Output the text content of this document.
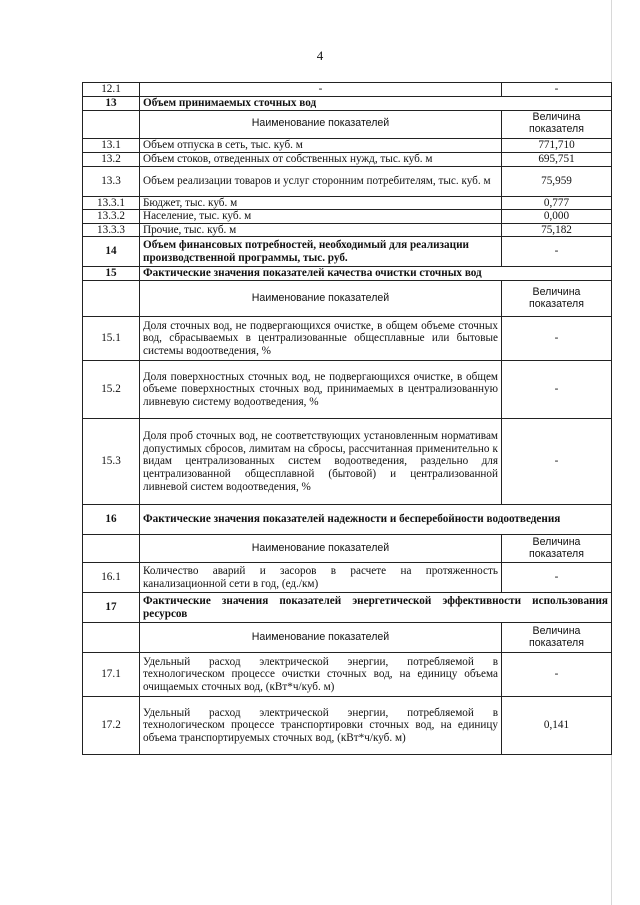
4
12.1	-	-
13	Объем принимаемых сточных вод	
	Наименование показателей	Величина показателя
13.1	Объем отпуска в сеть, тыс. куб. м	771,710
13.2	Объем стоков, отведенных от собственных нужд, тыс. куб. м	695,751
13.3	Объем реализации товаров и услуг сторонним потребителям, тыс. куб. м	75,959
13.3.1	Бюджет, тыс. куб. м	0,777
13.3.2	Население, тыс. куб. м	0,000
13.3.3	Прочие, тыс. куб. м	75,182
14	Объем финансовых потребностей, необходимый для реализации производственной программы, тыс. руб.	-
15	Фактические значения показателей качества очистки сточных вод	
	Наименование показателей	Величина показателя
15.1	Доля сточных вод, не подвергающихся очистке, в общем объеме сточных вод, сбрасываемых в централизованные общесплавные или бытовые системы водоотведения, %	-
15.2	Доля поверхностных сточных вод, не подвергающихся очистке, в общем объеме поверхностных сточных вод, принимаемых в централизованную ливневую систему водоотведения, %	-
15.3	Доля проб сточных вод, не соответствующих установленным нормативам допустимых сбросов, лимитам на сбросы, рассчитанная применительно к видам централизованных систем водоотведения, раздельно для централизованной общесплавной (бытовой) и централизованной ливневой систем водоотведения, %	-
16	Фактические значения показателей надежности и бесперебойности водоотведения	
	Наименование показателей	Величина показателя
16.1	Количество аварий и засоров в расчете на протяженность канализационной сети в год, (ед./км)	-
17	Фактические значения показателей энергетической эффективности использования ресурсов	
	Наименование показателей	Величина показателя
17.1	Удельный расход электрической энергии, потребляемой в технологическом процессе очистки сточных вод, на единицу объема очищаемых сточных вод, (кВт*ч/куб. м)	-
17.2	Удельный расход электрической энергии, потребляемой в технологическом процессе транспортировки сточных вод, на единицу объема транспортируемых сточных вод, (кВт*ч/куб. м)	0,141
